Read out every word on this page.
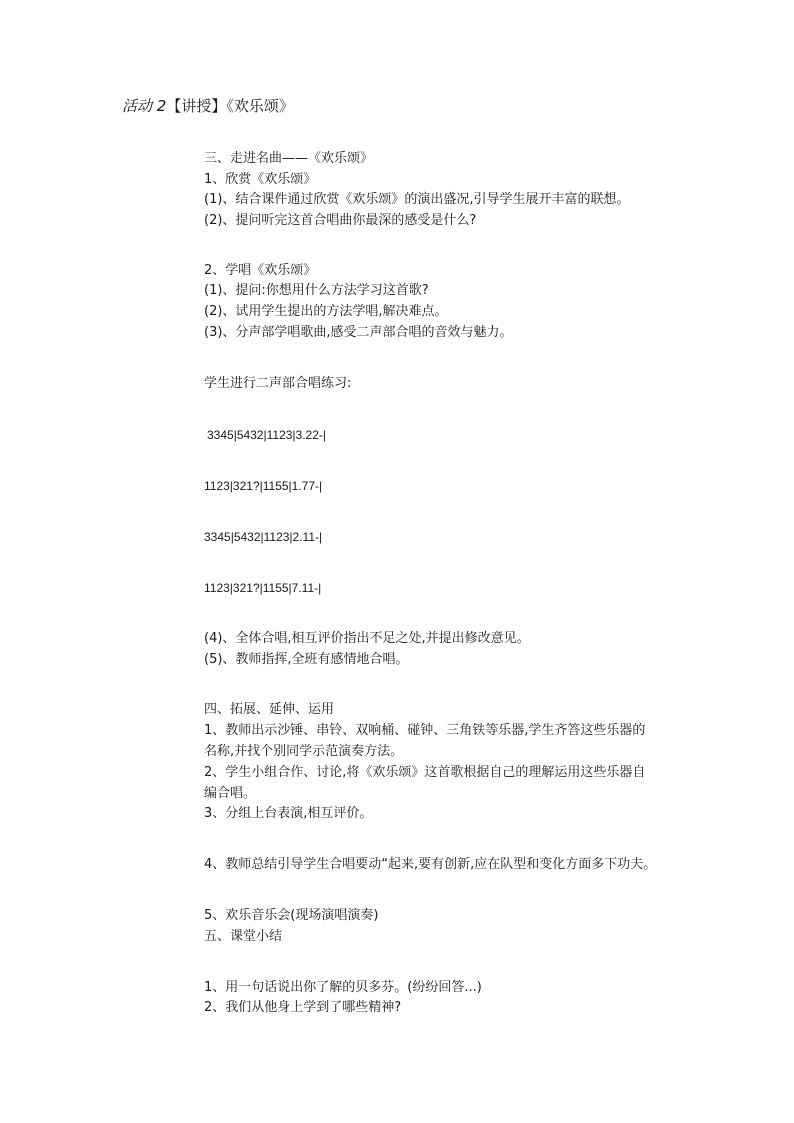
活动 2【讲授】《欢乐颂》
三、走进名曲——《欢乐颂》
1、欣赏《欢乐颂》
(1)、结合课件通过欣赏《欢乐颂》的演出盛况,引导学生展开丰富的联想。
(2)、提问听完这首合唱曲你最深的感受是什么?
2、学唱《欢乐颂》
(1)、提问:你想用什么方法学习这首歌?
(2)、试用学生提出的方法学唱,解决难点。
(3)、分声部学唱歌曲,感受二声部合唱的音效与魅力。
学生进行二声部合唱练习:
3345|5432|1123|3.22-|
1123|321?|1155|1.77-|
3345|5432|1123|2.11-|
1123|321?|1155|7.11-|
(4)、全体合唱,相互评价指出不足之处,并提出修改意见。
(5)、教师指挥,全班有感情地合唱。
四、拓展、延伸、运用
1、教师出示沙锤、串铃、双响桶、碰钟、三角铁等乐器,学生齐答这些乐器的
名称,并找个别同学示范演奏方法。
2、学生小组合作、讨论,将《欢乐颂》这首歌根据自己的理解运用这些乐器自
编合唱。
3、分组上台表演,相互评价。
4、教师总结引导学生合唱要动“起来,要有创新,应在队型和变化方面多下功夫。
5、欢乐音乐会(现场演唱演奏)
五、课堂小结
1、用一句话说出你了解的贝多芬。(纷纷回答...)
2、我们从他身上学到了哪些精神?
